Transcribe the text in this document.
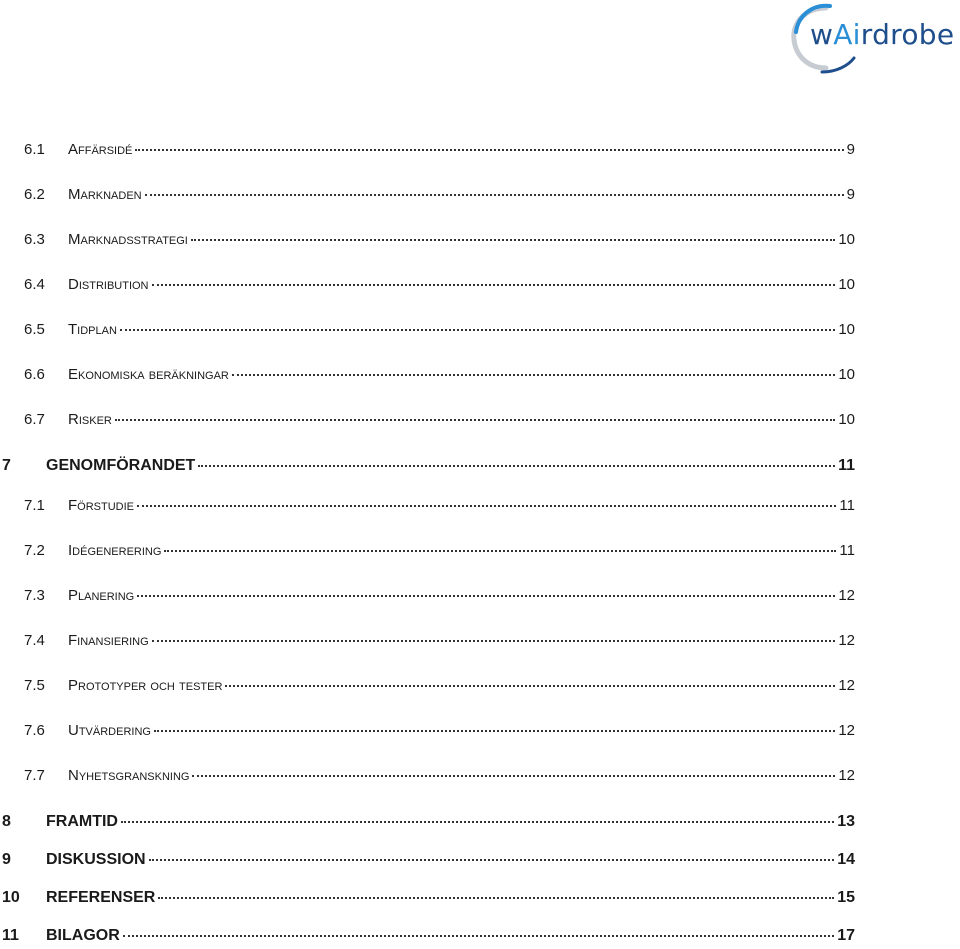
wAirdrobe
6.1	Affärsidé	9
6.2	Marknaden	9
6.3	Marknadsstrategi	10
6.4	Distribution	10
6.5	Tidplan	10
6.6	Ekonomiska beräkningar	10
6.7	Risker	10
7	GENOMFÖRANDET	11
7.1	Förstudie	11
7.2	Idégenerering	11
7.3	Planering	12
7.4	Finansiering	12
7.5	Prototyper och tester	12
7.6	Utvärdering	12
7.7	Nyhetsgranskning	12
8	FRAMTID	13
9	DISKUSSION	14
10	REFERENSER	15
11	BILAGOR	17
